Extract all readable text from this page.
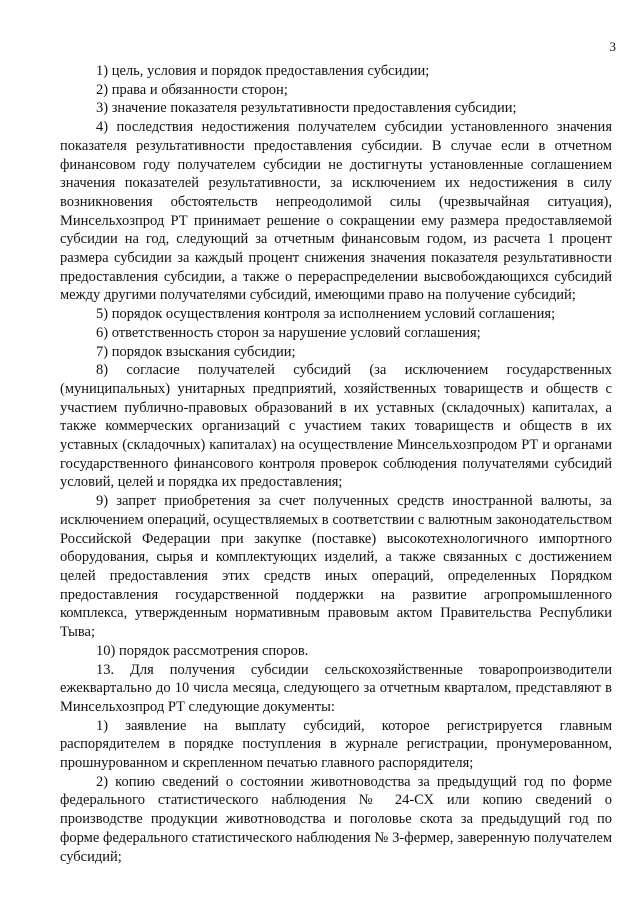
3

1) цель, условия и порядок предоставления субсидии;

2) права и обязанности сторон;

3) значение показателя результативности предоставления субсидии;

4) последствия недостижения получателем субсидии установленного значения показателя результативности предоставления субсидии. В случае если в отчетном финансовом году получателем субсидии не достигнуты установленные соглашением значения показателей результативности, за исключением их недостижения в силу возникновения обстоятельств непреодолимой силы (чрезвычайная ситуация), Минсельхозпрод РТ принимает решение о сокращении ему размера предоставляемой субсидии на год, следующий за отчетным финансовым годом, из расчета 1 процент размера субсидии за каждый процент снижения значения показателя результативности предоставления субсидии, а также о перераспределении высвобождающихся субсидий между другими получателями субсидий, имеющими право на получение субсидий;

5) порядок осуществления контроля за исполнением условий соглашения;

6) ответственность сторон за нарушение условий соглашения;

7) порядок взыскания субсидии;

8) согласие получателей субсидий (за исключением государственных (муниципальных) унитарных предприятий, хозяйственных товариществ и обществ с участием публично-правовых образований в их уставных (складочных) капиталах, а также коммерческих организаций с участием таких товариществ и обществ в их уставных (складочных) капиталах) на осуществление Минсельхозпродом РТ и органами государственного финансового контроля проверок соблюдения получателями субсидий условий, целей и порядка их предоставления;

9) запрет приобретения за счет полученных средств иностранной валюты, за исключением операций, осуществляемых в соответствии с валютным законодательством Российской Федерации при закупке (поставке) высокотехнологичного импортного оборудования, сырья и комплектующих изделий, а также связанных с достижением целей предоставления этих средств иных операций, определенных Порядком предоставления государственной поддержки на развитие агропромышленного комплекса, утвержденным нормативным правовым актом Правительства Республики Тыва;

10) порядок рассмотрения споров.

13. Для получения субсидии сельскохозяйственные товаропроизводители ежеквартально до 10 числа месяца, следующего за отчетным кварталом, представляют в Минсельхозпрод РТ следующие документы:

1) заявление на выплату субсидий, которое регистрируется главным распорядителем в порядке поступления в журнале регистрации, пронумерованном, прошнурованном и скрепленном печатью главного распорядителя;

2) копию сведений о состоянии животноводства за предыдущий год по форме федерального статистического наблюдения № 24-СХ или копию сведений о производстве продукции животноводства и поголовье скота за предыдущий год по форме федерального статистического наблюдения № 3-фермер, заверенную получателем субсидий;
